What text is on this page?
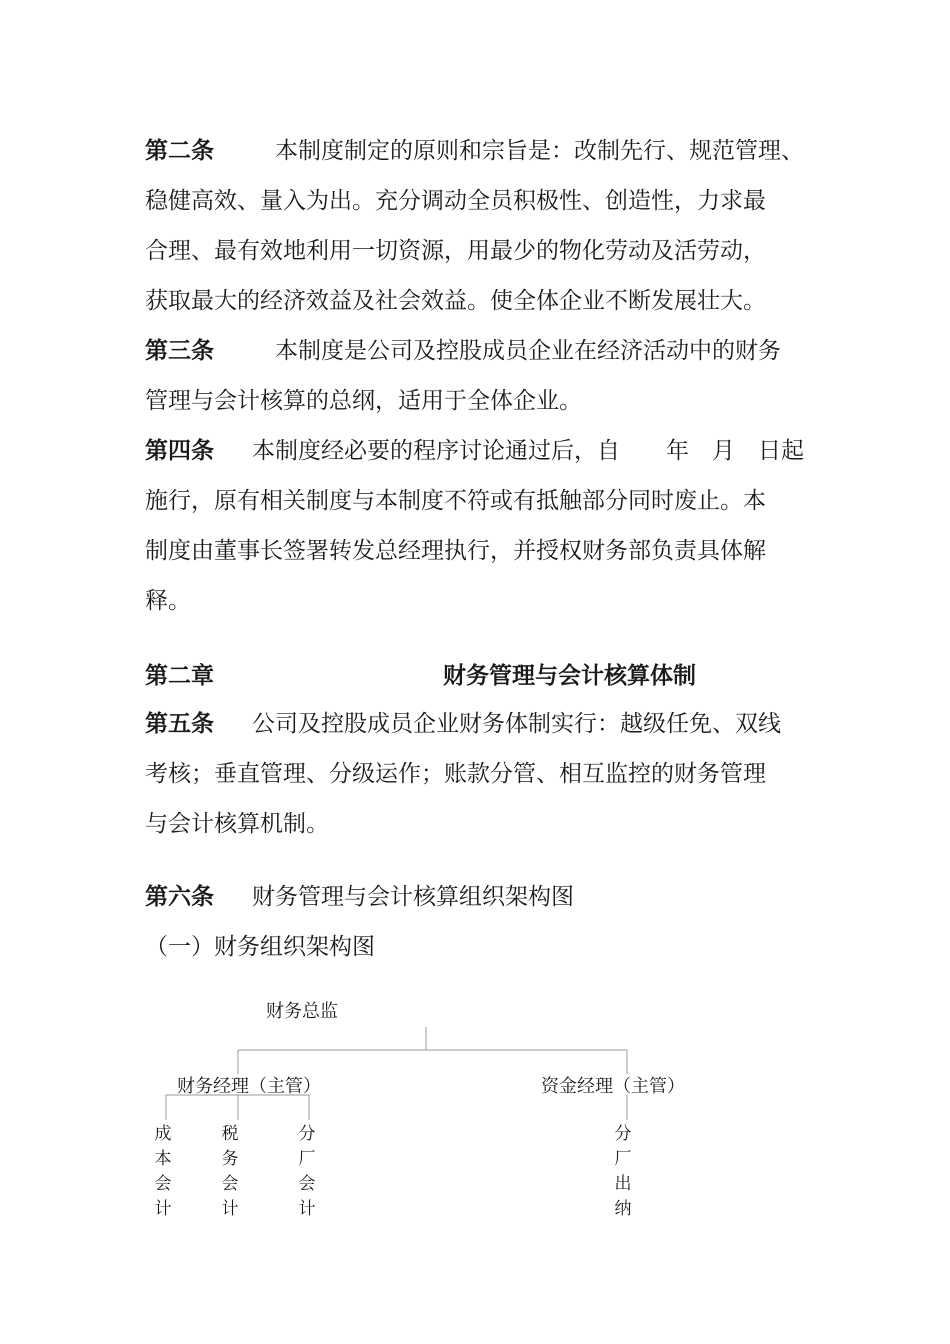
第二条	本制度制定的原则和宗旨是：改制先行、规范管理、
稳健高效、量入为出。充分调动全员积极性、创造性，力求最
合理、最有效地利用一切资源，用最少的物化劳动及活劳动，
获取最大的经济效益及社会效益。使全体企业不断发展壮大。
第三条	本制度是公司及控股成员企业在经济活动中的财务
管理与会计核算的总纲，适用于全体企业。
第四条 本制度经必要的程序讨论通过后，自　　年　月　日起
施行，原有相关制度与本制度不符或有抵触部分同时废止。本
制度由董事长签署转发总经理执行，并授权财务部负责具体解
释。
第二章	财务管理与会计核算体制
第五条 公司及控股成员企业财务体制实行：越级任免、双线
考核；垂直管理、分级运作；账款分管、相互监控的财务管理
与会计核算机制。
第六条 财务管理与会计核算组织架构图
（一）财务组织架构图
财务总监
财务经理（主管）	资金经理（主管）
成
本
会
计
税
务
会
计
分
厂
会
计
分
厂
出
纳
